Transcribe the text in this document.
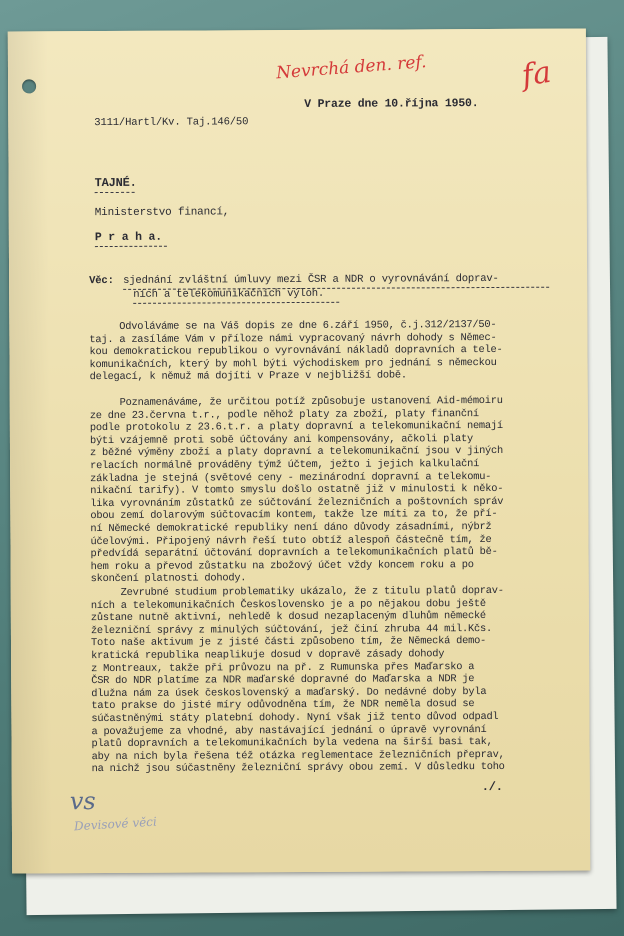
Nevrchá den. ref.	fa
V Praze dne 10.října 1950.
3111/Hartl/Kv. Taj.146/50
TAJNÉ.
Ministerstvo financí,
P r a h a.
Věc: sjednání zvláštní úmluvy mezi ČSR a NDR o vyrovnávání doprav-
ních a telekomunikačních výloh.
Odvoláváme se na Váš dopis ze dne 6.září 1950, č.j.312/2137/50-
taj. a zasíláme Vám v příloze námi vypracovaný návrh dohody s Němec-
kou demokratickou republikou o vyrovnávání nákladů dopravních a tele-
komunikačních, který by mohl býti východiskem pro jednání s německou
delegací, k němuž má dojíti v Praze v nejbližší době.
Poznamenáváme, že určitou potíž způsobuje ustanovení Aid-mémoiru
ze dne 23.června t.r., podle něhož platy za zboží, platy finanční
podle protokolu z 23.6.t.r. a platy dopravní a telekomunikační nemají
býti vzájemně proti sobě účtovány ani kompensovány, ačkoli platy
z běžné výměny zboží a platy dopravní a telekomunikační jsou v jiných
relacích normálně prováděny týmž účtem, ježto i jejich kalkulační
základna je stejná (světové ceny - mezinárodní dopravní a telekomu-
nikační tarify). V tomto smyslu došlo ostatně již v minulosti k něko-
lika vyrovnáním zůstatků ze súčtování železničních a poštovních správ
obou zemí dolarovým súčtovacím kontem, takže lze míti za to, že pří-
ní Německé demokratické republiky není dáno důvody zásadními, nýbrž
účelovými. Připojený návrh řeší tuto obtíž alespoň částečně tím, že
předvídá separátní účtování dopravních a telekomunikačních platů bě-
hem roku a převod zůstatku na zbožový účet vždy koncem roku a po
skončení platnosti dohody.
Zevrubné studium problematiky ukázalo, že z titulu platů doprav-
ních a telekomunikačních Československo je a po nějakou dobu ještě
zůstane nutně aktivní, nehledě k dosud nezaplaceným dluhům německé
železniční správy z minulých súčtování, jež činí zhruba 44 mil.Kčs.
Toto naše aktivum je z jisté části způsobeno tím, že Německá demo-
kratická republika neaplikuje dosud v dopravě zásady dohody
z Montreaux, takže při průvozu na př. z Rumunska přes Maďarsko a
ČSR do NDR platíme za NDR maďarské dopravné do Maďarska a NDR je
dlužna nám za úsek československý a maďarský. Do nedávné doby byla
tato prakse do jisté míry odůvodněna tím, že NDR neměla dosud se
súčastněnými státy platební dohody. Nyní však již tento důvod odpadl
a považujeme za vhodné, aby nastávající jednání o úpravě vyrovnání
platů dopravních a telekomunikačních byla vedena na širší basi tak,
aby na nich byla řešena též otázka reglementace železničních přeprav,
na nichž jsou súčastněny železniční správy obou zemí. V důsledku toho
./.
vs
Devisové věci
